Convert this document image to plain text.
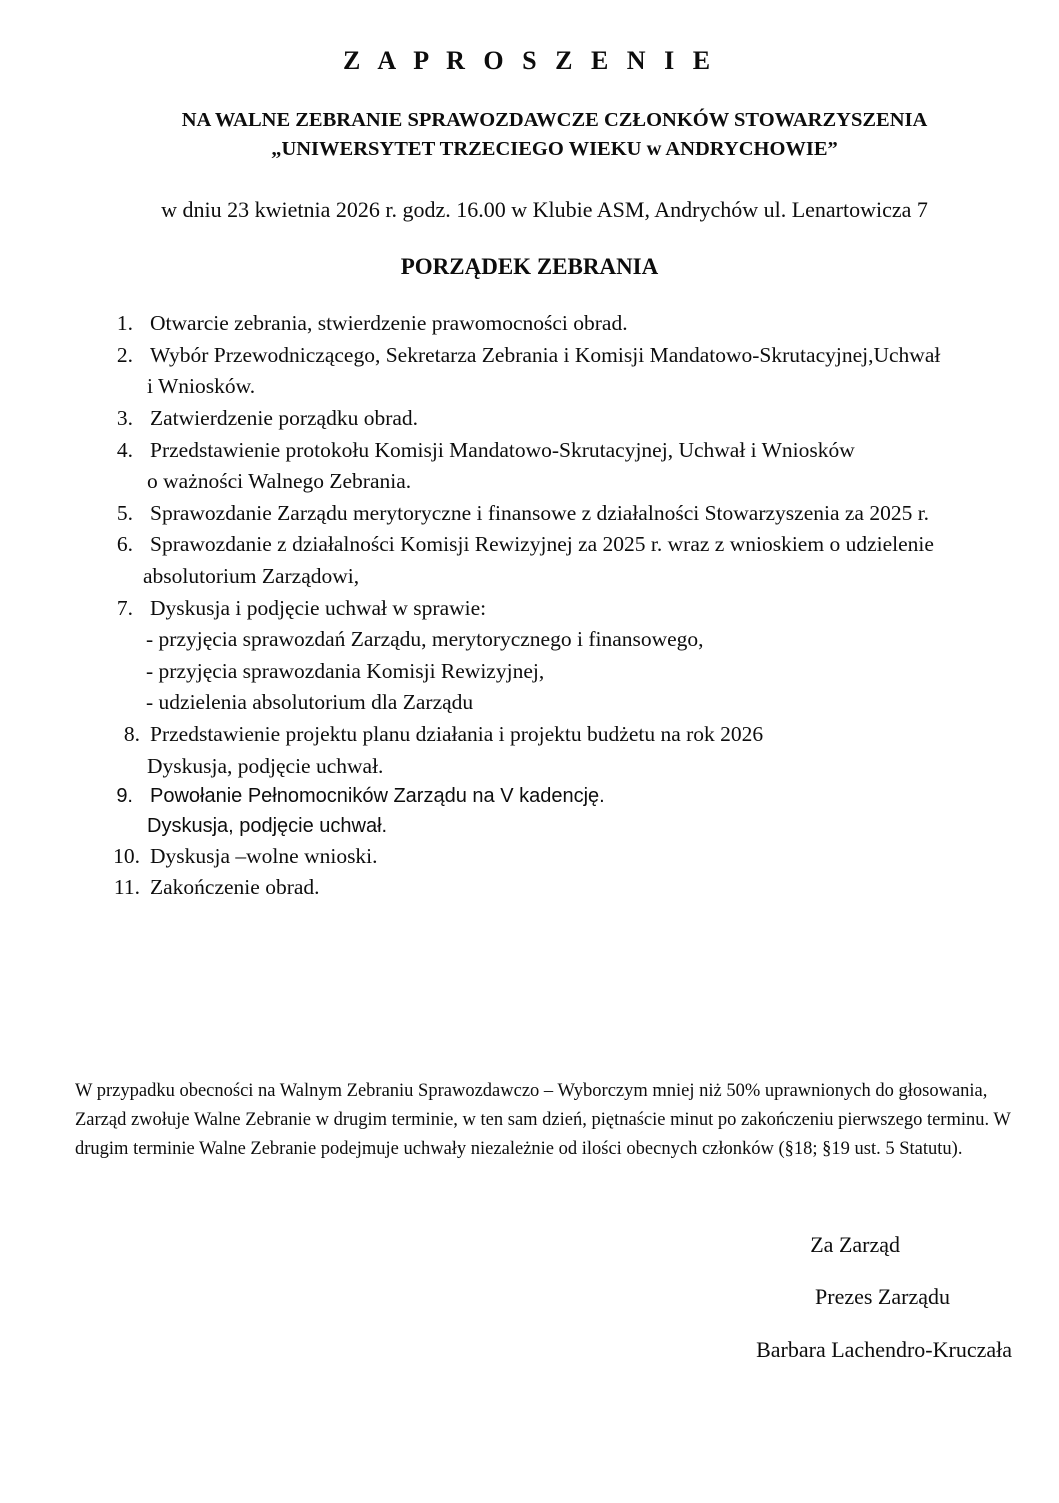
Z A P R O S Z E N I E
NA WALNE ZEBRANIE SPRAWOZDAWCZE CZŁONKÓW STOWARZYSZENIA „UNIWERSYTET TRZECIEGO WIEKU w ANDRYCHOWIE”

w dniu 23 kwietnia 2026 r. godz. 16.00 w Klubie ASM, Andrychów ul. Lenartowicza 7

PORZĄDEK ZEBRANIA
1. Otwarcie zebrania, stwierdzenie prawomocności obrad.
2. Wybór Przewodniczącego, Sekretarza Zebrania i Komisji Mandatowo-Skrutacyjnej,Uchwał
i Wniosków.
3. Zatwierdzenie porządku obrad.
4. Przedstawienie protokołu Komisji Mandatowo-Skrutacyjnej, Uchwał i Wniosków
o ważności Walnego Zebrania.
5. Sprawozdanie Zarządu merytoryczne i finansowe z działalności Stowarzyszenia za 2025 r.
6. Sprawozdanie z działalności Komisji Rewizyjnej za 2025 r. wraz z wnioskiem o udzielenie
absolutorium Zarządowi,
7. Dyskusja i podjęcie uchwał w sprawie:
- przyjęcia sprawozdań Zarządu, merytorycznego i finansowego,
- przyjęcia sprawozdania Komisji Rewizyjnej,
- udzielenia absolutorium dla Zarządu
8. Przedstawienie projektu planu działania i projektu budżetu na rok 2026
Dyskusja, podjęcie uchwał.
9. Powołanie Pełnomocników Zarządu na V kadencję.
Dyskusja, podjęcie uchwał.
10. Dyskusja –wolne wnioski.
11. Zakończenie obrad.

W przypadku obecności na Walnym Zebraniu Sprawozdawczo – Wyborczym mniej niż 50% uprawnionych do głosowania, Zarząd zwołuje Walne Zebranie w drugim terminie, w ten sam dzień, piętnaście minut po zakończeniu pierwszego terminu. W drugim terminie Walne Zebranie podejmuje uchwały niezależnie od ilości obecnych członków (§18; §19 ust. 5 Statutu).

Za Zarząd
Prezes Zarządu
Barbara Lachendro-Kruczała
